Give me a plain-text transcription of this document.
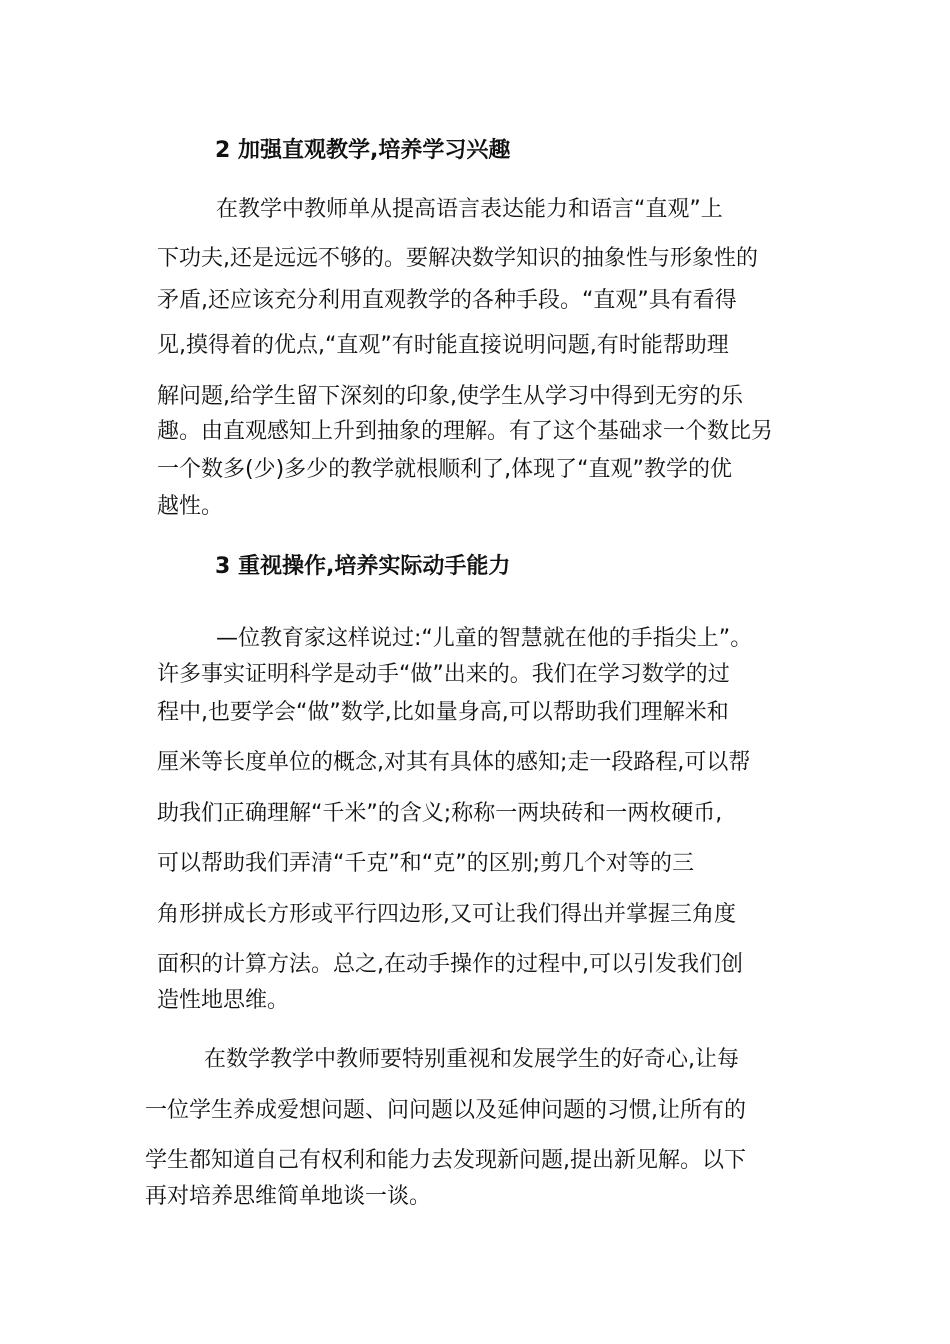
2 加强直观教学,培养学习兴趣
在教学中教师单从提高语言表达能力和语言“直观”上
下功夫,还是远远不够的。要解决数学知识的抽象性与形象性的
矛盾,还应该充分利用直观教学的各种手段。“直观”具有看得
见,摸得着的优点,“直观”有时能直接说明问题,有时能帮助理
解问题,给学生留下深刻的印象,使学生从学习中得到无穷的乐
趣。由直观感知上升到抽象的理解。有了这个基础求一个数比另
一个数多(少)多少的教学就根顺利了,体现了“直观”教学的优
越性。
3 重视操作,培养实际动手能力
—位教育家这样说过:“儿童的智慧就在他的手指尖上”。
许多事实证明科学是动手“做”出来的。我们在学习数学的过
程中,也要学会“做”数学,比如量身高,可以帮助我们理解米和
厘米等长度单位的概念,对其有具体的感知;走一段路程,可以帮
助我们正确理解“千米”的含义;称称一两块砖和一两枚硬币,
可以帮助我们弄清“千克”和“克”的区别;剪几个对等的三
角形拼成长方形或平行四边形,又可让我们得出并掌握三角度
面积的计算方法。总之,在动手操作的过程中,可以引发我们创
造性地思维。
在数学教学中教师要特别重视和发展学生的好奇心,让每
一位学生养成爱想问题、问问题以及延伸问题的习惯,让所有的
学生都知道自己有权利和能力去发现新问题,提出新见解。以下
再对培养思维简单地谈一谈。
